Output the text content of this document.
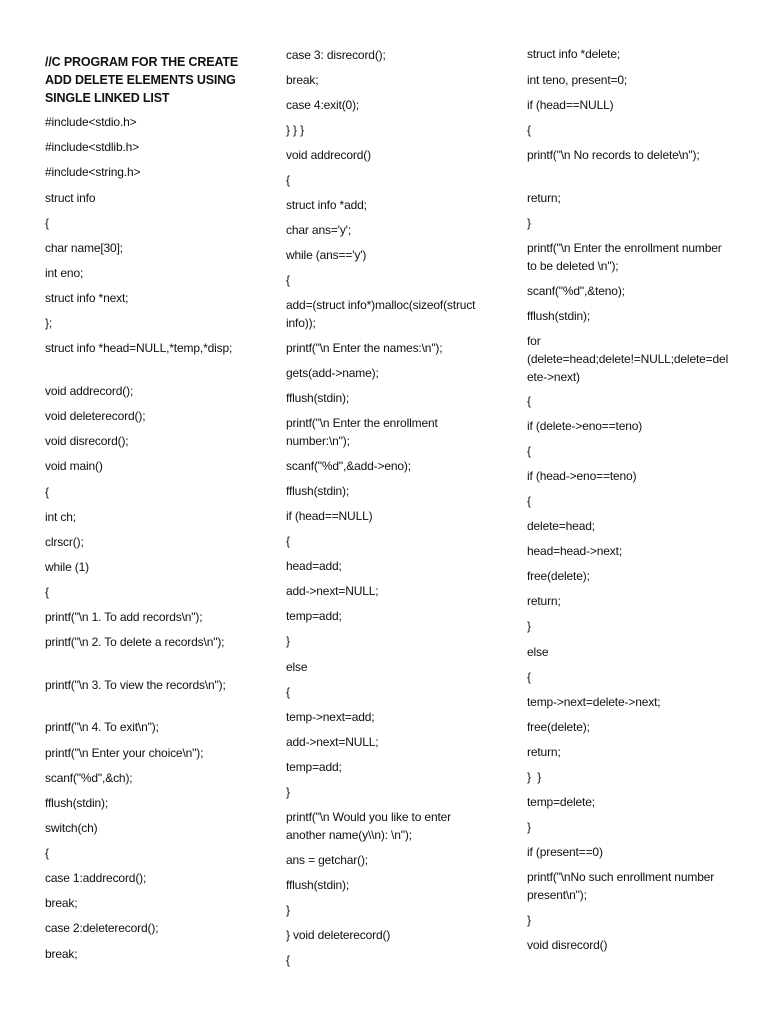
//C PROGRAM FOR THE CREATE ADD DELETE ELEMENTS USING SINGLE LINKED LIST
#include<stdio.h>
#include<stdlib.h>
#include<string.h>
struct info
{
char name[30];
int eno;
struct info *next;
};
struct info *head=NULL,*temp,*disp;
void addrecord();
void deleterecord();
void disrecord();
void main()
{
int ch;
clrscr();
while (1)
{
printf("\n 1. To add records\n");
printf("\n 2. To delete a records\n");
printf("\n 3. To view the records\n");
printf("\n 4. To exit\n");
printf("\n Enter your choice\n");
scanf("%d",&ch);
fflush(stdin);
switch(ch)
{
case 1:addrecord();
break;
case 2:deleterecord();
break;
case 3: disrecord();
break;
case 4:exit(0);
} } }
void addrecord()
{
struct info *add;
char ans='y';
while (ans=='y')
{
add=(struct info*)malloc(sizeof(struct info));
printf("\n Enter the names:\n");
gets(add->name);
fflush(stdin);
printf("\n Enter the enrollment number:\n");
scanf("%d",&add->eno);
fflush(stdin);
if (head==NULL)
{
head=add;
add->next=NULL;
temp=add;
}
else
{
temp->next=add;
add->next=NULL;
temp=add;
}
printf("\n Would you like to enter another name(y\\n): \n");
ans = getchar();
fflush(stdin);
}
} void deleterecord()
{
struct info *delete;
int teno, present=0;
if (head==NULL)
{
printf("\n No records to delete\n");
return;
}
printf("\n Enter the enrollment number to be deleted \n");
scanf("%d",&teno);
fflush(stdin);
for (delete=head;delete!=NULL;delete=delete->next)
{
if (delete->eno==teno)
{
if (head->eno==teno)
{
delete=head;
head=head->next;
free(delete);
return;
}
else
{
temp->next=delete->next;
free(delete);
return;
}  }
temp=delete;
}
if (present==0)
printf("\nNo such enrollment number present\n");
}
void disrecord()
